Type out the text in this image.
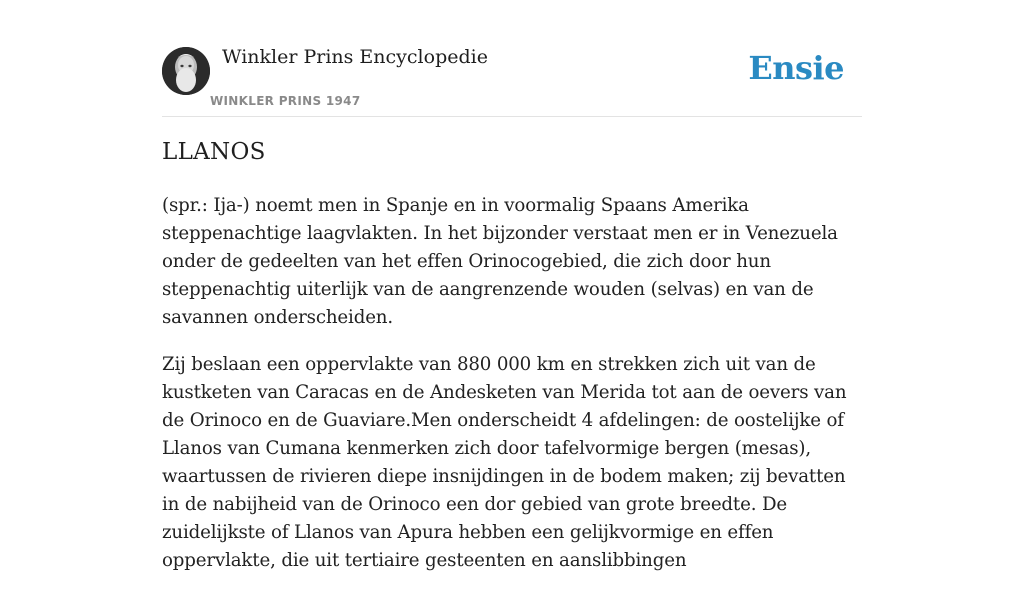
Winkler Prins Encyclopedie
WINKLER PRINS 1947
Ensie
LLANOS

(spr.: Ija-) noemt men in Spanje en in voormalig Spaans Amerika steppenachtige laagvlakten. In het bijzonder verstaat men er in Venezuela onder de gedeelten van het effen Orinocogebied, die zich door hun steppenachtig uiterlijk van de aangrenzende wouden (selvas) en van de savannen onderscheiden.

Zij beslaan een oppervlakte van 880 000 km en strekken zich uit van de kustketen van Caracas en de Andesketen van Merida tot aan de oevers van de Orinoco en de Guaviare.Men onderscheidt 4 afdelingen: de oostelijke of Llanos van Cumana kenmerken zich door tafelvormige bergen (mesas), waartussen de rivieren diepe insnijdingen in de bodem maken; zij bevatten in de nabijheid van de Orinoco een dor gebied van grote breedte. De zuidelijkste of Llanos van Apura hebben een gelijkvormige en effen oppervlakte, die uit tertiaire gesteenten en aanslibbingen
